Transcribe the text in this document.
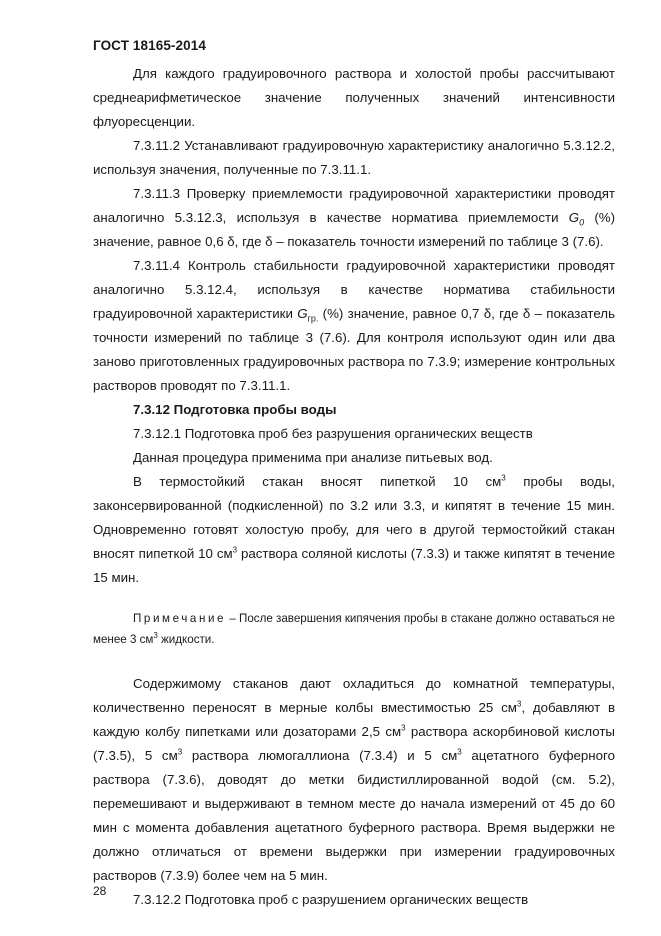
ГОСТ 18165-2014

Для каждого градуировочного раствора и холостой пробы рассчитывают среднеарифметическое значение полученных значений интенсивности флуоресценции.

7.3.11.2 Устанавливают градуировочную характеристику аналогично 5.3.12.2, используя значения, полученные по 7.3.11.1.

7.3.11.3 Проверку приемлемости градуировочной характеристики проводят аналогично 5.3.12.3, используя в качестве норматива приемлемости $G_0$ (%) значение, равное 0,6 δ, где δ – показатель точности измерений по таблице 3 (7.6).

7.3.11.4 Контроль стабильности градуировочной характеристики проводят аналогично 5.3.12.4, используя в качестве норматива стабильности градуировочной характеристики $G_{гр.}$ (%) значение, равное 0,7 δ, где δ – показатель точности измерений по таблице 3 (7.6). Для контроля используют один или два заново приготовленных градуировочных раствора по 7.3.9; измерение контрольных растворов проводят по 7.3.11.1.

7.3.12 Подготовка пробы воды

7.3.12.1 Подготовка проб без разрушения органических веществ

Данная процедура применима при анализе питьевых вод.

В термостойкий стакан вносят пипеткой 10 $см^3$ пробы воды, законсервированной (подкисленной) по 3.2 или 3.3, и кипятят в течение 15 мин. Одновременно готовят холостую пробу, для чего в другой термостойкий стакан вносят пипеткой 10 $см^3$ раствора соляной кислоты (7.3.3) и также кипятят в течение 15 мин.

Примечание – После завершения кипячения пробы в стакане должно оставаться не менее 3 $см^3$ жидкости.

Содержимому стаканов дают охладиться до комнатной температуры, количественно переносят в мерные колбы вместимостью 25 $см^3$, добавляют в каждую колбу пипетками или дозаторами 2,5 $см^3$ раствора аскорбиновой кислоты (7.3.5), 5 $см^3$ раствора люмогаллиона (7.3.4) и 5 $см^3$ ацетатного буферного раствора (7.3.6), доводят до метки бидистиллированной водой (см. 5.2), перемешивают и выдерживают в темном месте до начала измерений от 45 до 60 мин с момента добавления ацетатного буферного раствора. Время выдержки не должно отличаться от времени выдержки при измерении градуировочных растворов (7.3.9) более чем на 5 мин.

7.3.12.2 Подготовка проб с разрушением органических веществ

28
